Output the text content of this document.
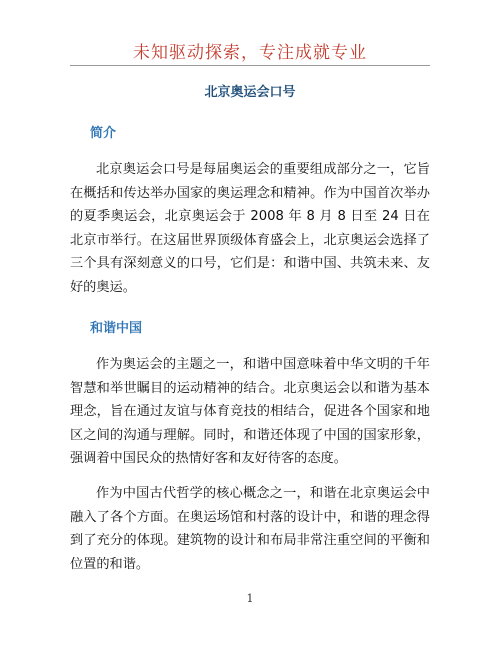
未知驱动探索，专注成就专业
北京奥运会口号
简介
北京奥运会口号是每届奥运会的重要组成部分之一，它旨在概括和传达举办国家的奥运理念和精神。作为中国首次举办的夏季奥运会，北京奥运会于 2008 年 8 月 8 日至 24 日在北京市举行。在这届世界顶级体育盛会上，北京奥运会选择了三个具有深刻意义的口号，它们是：和谐中国、共筑未来、友好的奥运。
和谐中国
作为奥运会的主题之一，和谐中国意味着中华文明的千年智慧和举世瞩目的运动精神的结合。北京奥运会以和谐为基本理念，旨在通过友谊与体育竞技的相结合，促进各个国家和地区之间的沟通与理解。同时，和谐还体现了中国的国家形象，强调着中国民众的热情好客和友好待客的态度。
作为中国古代哲学的核心概念之一，和谐在北京奥运会中融入了各个方面。在奥运场馆和村落的设计中，和谐的理念得到了充分的体现。建筑物的设计和布局非常注重空间的平衡和位置的和谐。
1
